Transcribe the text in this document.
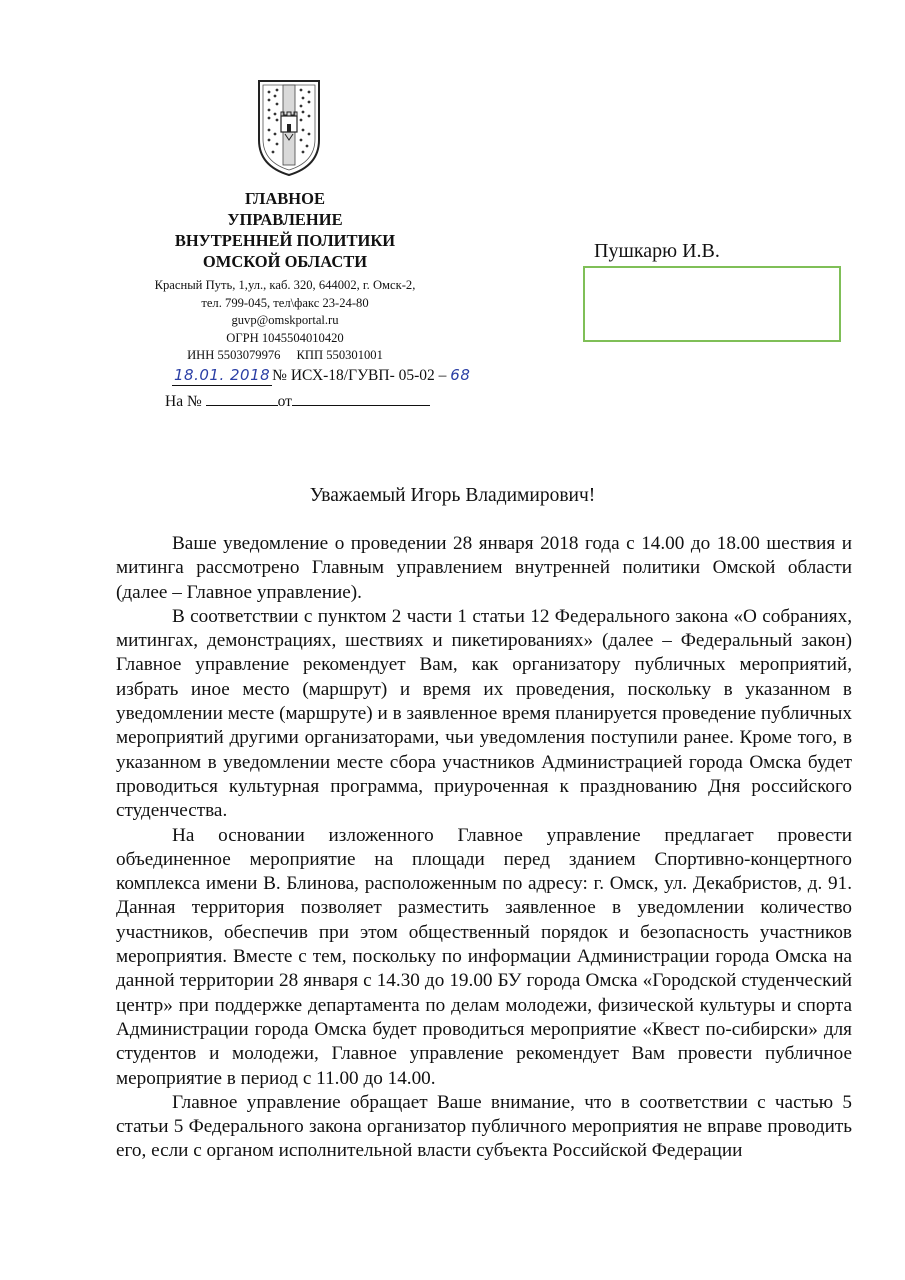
ГЛАВНОЕ
УПРАВЛЕНИЕ
ВНУТРЕННЕЙ ПОЛИТИКИ
ОМСКОЙ ОБЛАСТИ
Красный Путь, 1,ул., каб. 320, 644002, г. Омск-2,
тел. 799-045, тел\факс 23-24-80
guvp@omskportal.ru
ОГРН 1045504010420
ИНН 5503079976 КПП 550301001
18.01. 2018 № ИСХ-18/ГУВП- 05-02 – 68
На №	от
Пушкарю И.В.
Уважаемый Игорь Владимирович!

Ваше уведомление о проведении 28 января 2018 года с 14.00 до 18.00 шествия и митинга рассмотрено Главным управлением внутренней политики Омской области (далее – Главное управление).

В соответствии с пунктом 2 части 1 статьи 12 Федерального закона «О собраниях, митингах, демонстрациях, шествиях и пикетированиях» (далее – Федеральный закон) Главное управление рекомендует Вам, как организатору публичных мероприятий, избрать иное место (маршрут) и время их проведения, поскольку в указанном в уведомлении месте (маршруте) и в заявленное время планируется проведение публичных мероприятий другими организаторами, чьи уведомления поступили ранее. Кроме того, в указанном в уведомлении месте сбора участников Администрацией города Омска будет проводиться культурная программа, приуроченная к празднованию Дня российского студенчества.

На основании изложенного Главное управление предлагает провести объединенное мероприятие на площади перед зданием Спортивно-концертного комплекса имени В. Блинова, расположенным по адресу: г. Омск, ул. Декабристов, д. 91. Данная территория позволяет разместить заявленное в уведомлении количество участников, обеспечив при этом общественный порядок и безопасность участников мероприятия. Вместе с тем, поскольку по информации Администрации города Омска на данной территории 28 января с 14.30 до 19.00 БУ города Омска «Городской студенческий центр» при поддержке департамента по делам молодежи, физической культуры и спорта Администрации города Омска будет проводиться мероприятие «Квест по-сибирски» для студентов и молодежи, Главное управление рекомендует Вам провести публичное мероприятие в период с 11.00 до 14.00.

Главное управление обращает Ваше внимание, что в соответствии с частью 5 статьи 5 Федерального закона организатор публичного мероприятия не вправе проводить его, если с органом исполнительной власти субъекта Российской Федерации
